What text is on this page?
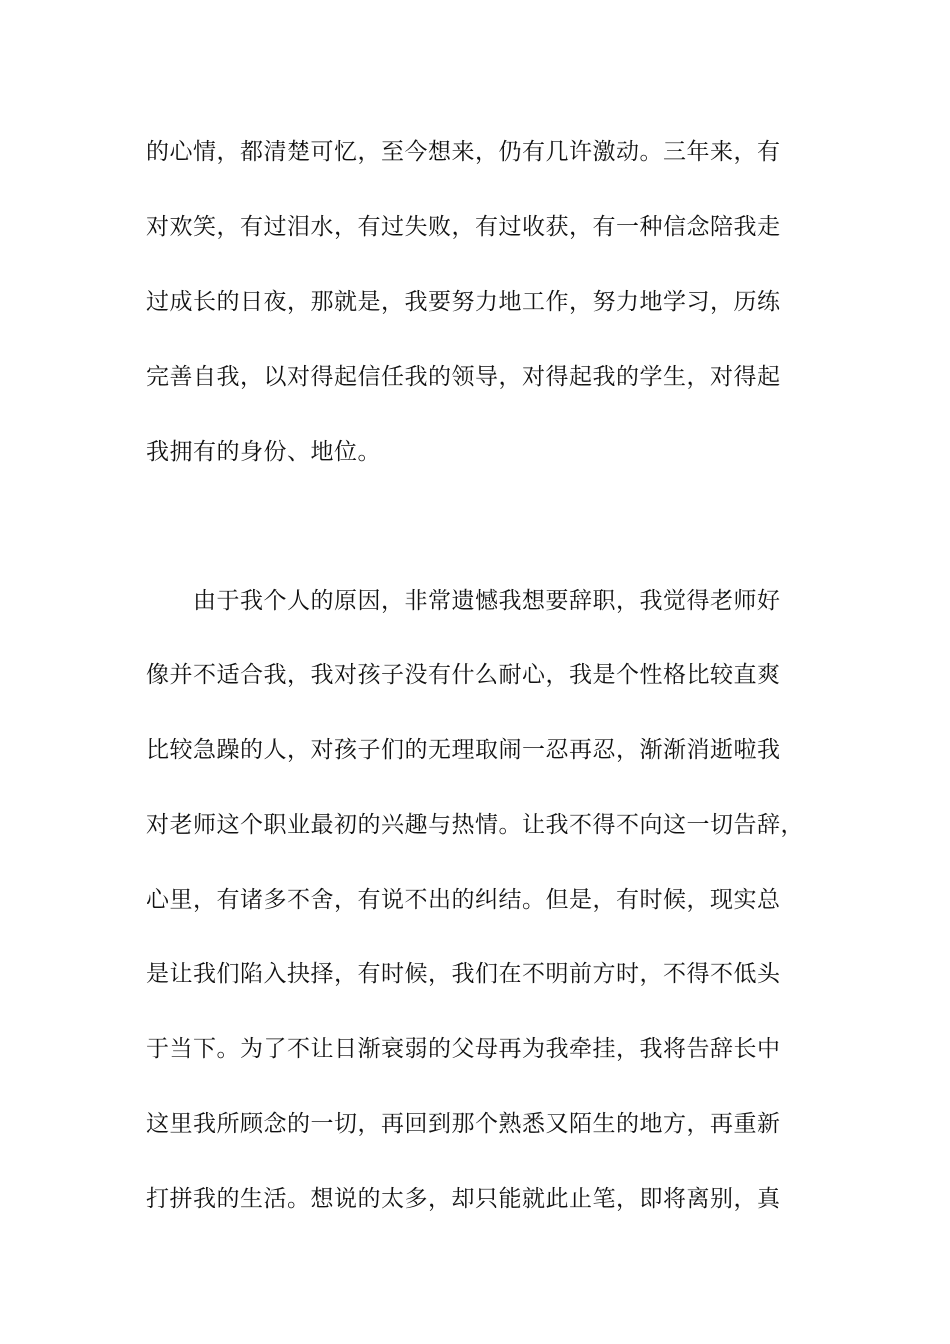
的心情，都清楚可忆，至今想来，仍有几许激动。三年来，有
对欢笑，有过泪水，有过失败，有过收获，有一种信念陪我走
过成长的日夜，那就是，我要努力地工作，努力地学习，历练
完善自我，以对得起信任我的领导，对得起我的学生，对得起
我拥有的身份、地位。
由于我个人的原因，非常遗憾我想要辞职，我觉得老师好
像并不适合我，我对孩子没有什么耐心，我是个性格比较直爽
比较急躁的人，对孩子们的无理取闹一忍再忍，渐渐消逝啦我
对老师这个职业最初的兴趣与热情。让我不得不向这一切告辞，
心里，有诸多不舍，有说不出的纠结。但是，有时候，现实总
是让我们陷入抉择，有时候，我们在不明前方时，不得不低头
于当下。为了不让日渐衰弱的父母再为我牵挂，我将告辞长中
这里我所顾念的一切，再回到那个熟悉又陌生的地方，再重新
打拼我的生活。想说的太多，却只能就此止笔，即将离别，真
